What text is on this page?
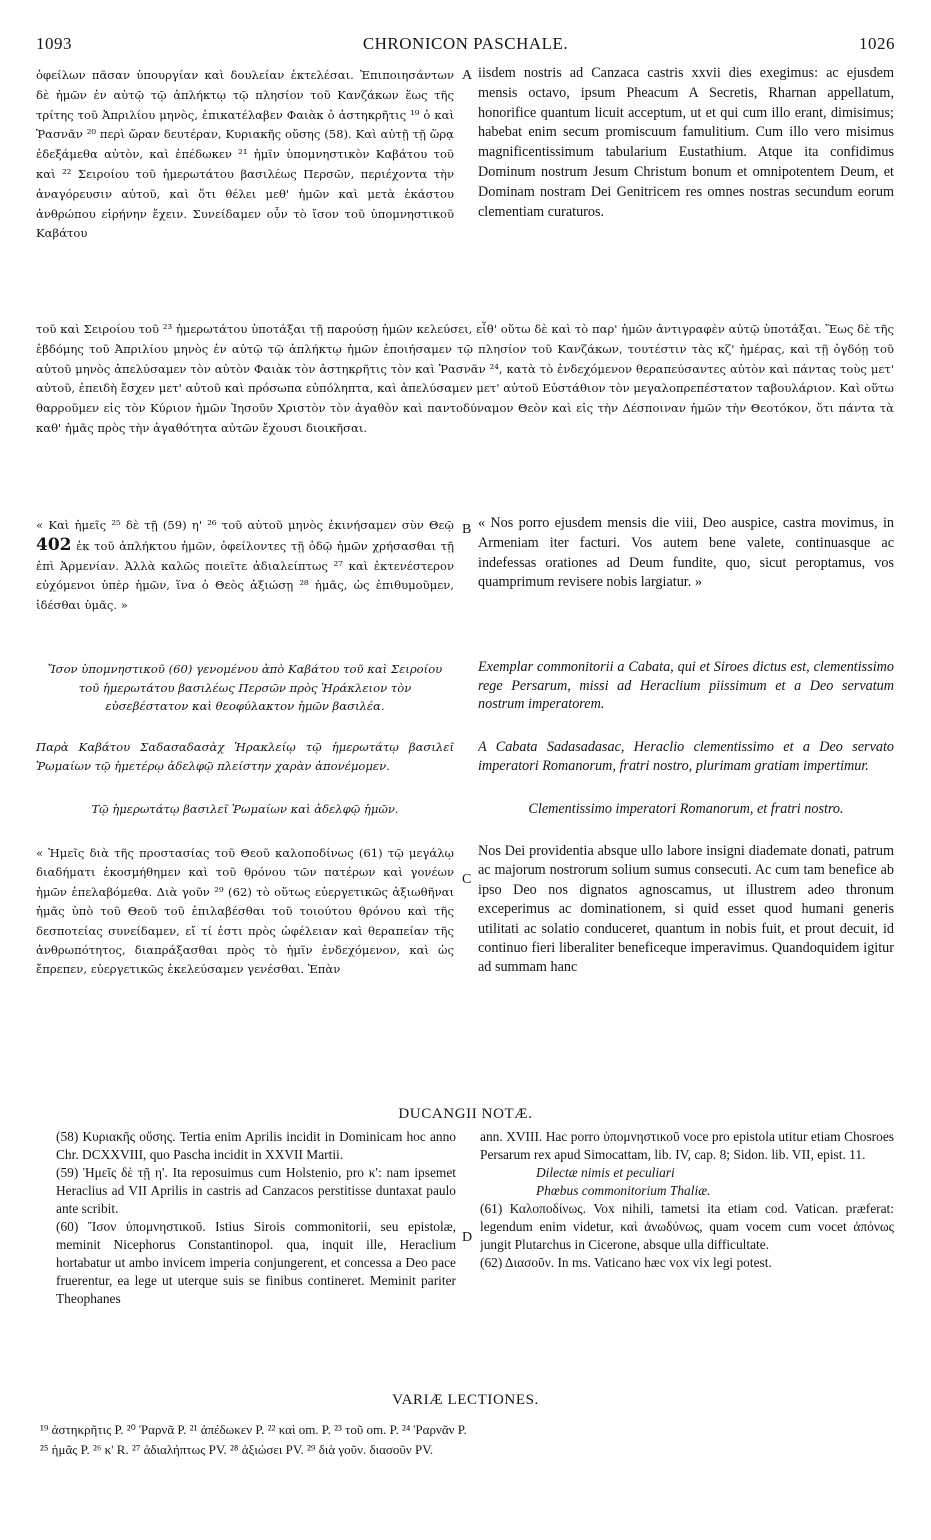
1093	CHRONICON PASCHALE.	1026

ὀφείλων πᾶσαν ὑπουργίαν καὶ δουλείαν ἐκτελέσαι. Ἐπιποιησάντων δὲ ἡμῶν ἐν αὐτῷ τῷ ἀπλήκτῳ τῷ πλησίον τοῦ Κανζάκων ἕως τῆς τρίτης τοῦ Ἀπριλίου μηνὸς, ἐπικατέλαβεν Φαιὰκ ὁ ἀστηκρῆτις ¹⁹ ὁ καὶ Ῥασνᾶν ²⁰ περὶ ὥραν δευτέραν, Κυριακῆς οὔσης (58). Καὶ αὐτῇ τῇ ὥρᾳ ἐδεξάμεθα αὐτὸν, καὶ ἐπέδωκεν ²¹ ἡμῖν ὑπομνηστικὸν Καβάτου τοῦ καὶ ²² Σειροίου τοῦ ἡμερωτάτου βασιλέως Περσῶν, περιέχοντα τὴν ἀναγόρευσιν αὐτοῦ, καὶ ὅτι θέλει μεθ' ἡμῶν καὶ μετὰ ἑκάστου ἀνθρώπου εἰρήνην ἔχειν. Συνείδαμεν οὖν τὸ ἴσον τοῦ ὑπομνηστικοῦ Καβάτου

A iisdem nostris ad Canzaca castris xxvii dies exegimus: ac ejusdem mensis octavo, ipsum Pheacum A Secretis, Rharnan appellatum, honorifice quantum licuit acceptum, ut et qui cum illo erant, dimisimus; habebat enim secum promiscuum famulitium. Cum illo vero misimus magnificentissimum tabularium Eustathium. Atque ita confidimus Dominum nostrum Jesum Christum bonum et omnipotentem Deum, et Dominam nostram Dei Genitricem res omnes nostras secundum eorum clementiam curaturos.

τοῦ καὶ Σειροίου τοῦ ²³ ἡμερωτάτου ὑποτάξαι τῇ παρούσῃ ἡμῶν κελεύσει, εἶθ' οὕτω δὲ καὶ τὸ παρ' ἡμῶν ἀντιγραφὲν αὐτῷ ὑποτάξαι. Ἕως δὲ τῆς ἑβδόμης τοῦ Ἀπριλίου μηνὸς ἐν αὐτῷ τῷ ἀπλήκτῳ ἡμῶν ἐποιήσαμεν τῷ πλησίον τοῦ Κανζάκων, τουτέστιν τὰς κζ' ἡμέρας, καὶ τῇ ὀγδόῃ τοῦ αὐτοῦ μηνὸς ἀπελύσαμεν τὸν αὐτὸν Φαιὰκ τὸν ἀστηκρῆτις τὸν καὶ Ῥασνᾶν ²⁴, κατὰ τὸ ἐνδεχόμενον θεραπεύσαντες αὐτὸν καὶ πάντας τοὺς μετ' αὐτοῦ, ἐπειδὴ ἔσχεν μετ' αὐτοῦ καὶ πρόσωπα εὐπόληπτα, καὶ ἀπελύσαμεν μετ' αὐτοῦ Εὐστάθιον τὸν μεγαλοπρεπέστατον ταβουλάριον. Καὶ οὕτω θαρροῦμεν εἰς τὸν Κύριον ἡμῶν Ἰησοῦν Χριστὸν τὸν ἀγαθὸν καὶ παντοδύναμον Θεὸν καὶ εἰς τὴν Δέσποιναν ἡμῶν τὴν Θεοτόκον, ὅτι πάντα τὰ καθ' ἡμᾶς πρὸς τὴν ἀγαθότητα αὐτῶν ἔχουσι διοικῆσαι.

« Καὶ ἡμεῖς ²⁵ δὲ τῇ (59) η' ²⁶ τοῦ αὐτοῦ μηνὸς ἐκινήσαμεν σὺν Θεῷ 402 ἐκ τοῦ ἀπλήκτου ἡμῶν, ὀφείλοντες τῇ ὁδῷ ἡμῶν χρήσασθαι τῇ ἐπὶ Ἀρμενίαν. Ἀλλὰ καλῶς ποιεῖτε ἀδιαλείπτως ²⁷ καὶ ἐκτενέστερον εὐχόμενοι ὑπὲρ ἡμῶν, ἵνα ὁ Θεὸς ἀξιώσῃ ²⁸ ἡμᾶς, ὡς ἐπιθυμοῦμεν, ἰδέσθαι ὑμᾶς. »

B « Nos porro ejusdem mensis die viii, Deo auspice, castra movimus, in Armeniam iter facturi. Vos autem bene valete, continuasque ac indefessas orationes ad Deum fundite, quo, sicut peroptamus, vos quamprimum revisere nobis largiatur. »

Ἴσον ὑπομνηστικοῦ (60) γενομένου ἀπὸ Καβάτου τοῦ καὶ Σειροίου τοῦ ἡμερωτάτου βασιλέως Περσῶν πρὸς Ἡράκλειον τὸν εὐσεβέστατον καὶ θεοφύλακτον ἡμῶν βασιλέα.

Exemplar commonitorii a Cabata, qui et Siroes dictus est, clementissimo rege Persarum, missi ad Heraclium piissimum et a Deo servatum nostrum imperatorem.

Παρὰ Καβάτου Σαδασαδασὰχ Ἡρακλείῳ τῷ ἡμερωτάτῳ βασιλεῖ Ῥωμαίων τῷ ἡμετέρῳ ἀδελφῷ πλείστην χαρὰν ἀπονέμομεν.

A Cabata Sadasadasac, Heraclio clementissimo et a Deo servato imperatori Romanorum, fratri nostro, plurimam gratiam impertimur.

Τῷ ἡμερωτάτῳ βασιλεῖ Ῥωμαίων καὶ ἀδελφῷ ἡμῶν.	Clementissimo imperatori Romanorum, et fratri nostro.

« Ἡμεῖς διὰ τῆς προστασίας τοῦ Θεοῦ καλοποδίνως (61) τῷ μεγάλῳ διαδήματι ἐκοσμήθημεν καὶ τοῦ θρόνου τῶν πατέρων καὶ γονέων ἡμῶν ἐπελαβόμεθα. Διὰ γοῦν ²⁹ (62) τὸ οὕτως εὐεργετικῶς ἀξιωθῆναι ἡμᾶς ὑπὸ τοῦ Θεοῦ τοῦ ἐπιλαβέσθαι τοῦ τοιούτου θρόνου καὶ τῆς δεσποτείας συνείδαμεν, εἴ τί ἐστι πρὸς ὠφέλειαν καὶ θεραπείαν τῆς ἀνθρωπότητος, διαπράξασθαι πρὸς τὸ ἡμῖν ἐνδεχόμενον, καὶ ὡς ἔπρεπεν, εὐεργετικῶς ἐκελεύσαμεν γενέσθαι. Ἐπὰν

C

Nos Dei providentia absque ullo labore insigni diademate donati, patrum ac majorum nostrorum solium sumus consecuti. Ac cum tam benefice ab ipso Deo nos dignatos agnoscamus, ut illustrem adeo thronum exceperimus ac dominationem, si quid esset quod humani generis utilitati ac solatio conduceret, quantum in nobis fuit, et prout decuit, id continuo fieri liberaliter beneficeque imperavimus. Quandoquidem igitur ad summam hanc

DUCANGII NOTÆ.

(58) Κυριακῆς οὔσης. Tertia enim Aprilis incidit in Dominicam hoc anno Chr. DCXXVIII, quo Pascha incidit in XXVII Martii.

(59) Ἡμεῖς δὲ τῇ η'. Ita reposuimus cum Holstenio, pro κ': nam ipsemet Heraclius ad VII Aprilis in castris ad Canzacos perstitisse duntaxat paulo ante scribit.

(60) Ἴσον ὑπομνηστικοῦ. Istius Sirois commonitorii, seu epistolæ, meminit Nicephorus Constantinopol. qua, inquit ille, Heraclium hortabatur ut ambo invicem imperia conjungerent, et concessa a Deo pace fruerentur, ea lege ut uterque suis se finibus contineret. Meminit pariter Theophanes

D

ann. XVIII. Hac porro ὑπομνηστικοῦ voce pro epistola utitur etiam Chosroes Persarum rex apud Simocattam, lib. IV, cap. 8; Sidon. lib. VII, epist. 11.

Dilectæ nimis et peculiari

Phœbus commonitorium Thaliæ.

(61) Καλοποδίνως. Vox nihili, tametsi ita etiam cod. Vatican. præferat: legendum enim videtur, καὶ ἀνωδύνως, quam vocem cum vocet ἀπόνως jungit Plutarchus in Cicerone, absque ulla difficultate.

(62) Διασοῦν. In ms. Vaticano hæc vox vix legi potest.

VARIÆ LECTIONES.
¹⁹ ἀστηκρῆτις P. ²⁰ Ῥαρνᾶ P. ²¹ ἀπέδωκεν P. ²² καὶ om. P. ²³ τοῦ om. P. ²⁴ Ῥαρνᾶν P.
²⁵ ἡμᾶς P. ²⁶ κ' R. ²⁷ ἀδιαλήπτως PV. ²⁸ ἀξιώσει PV. ²⁹ διὰ γοῦν. διασοῦν PV.
